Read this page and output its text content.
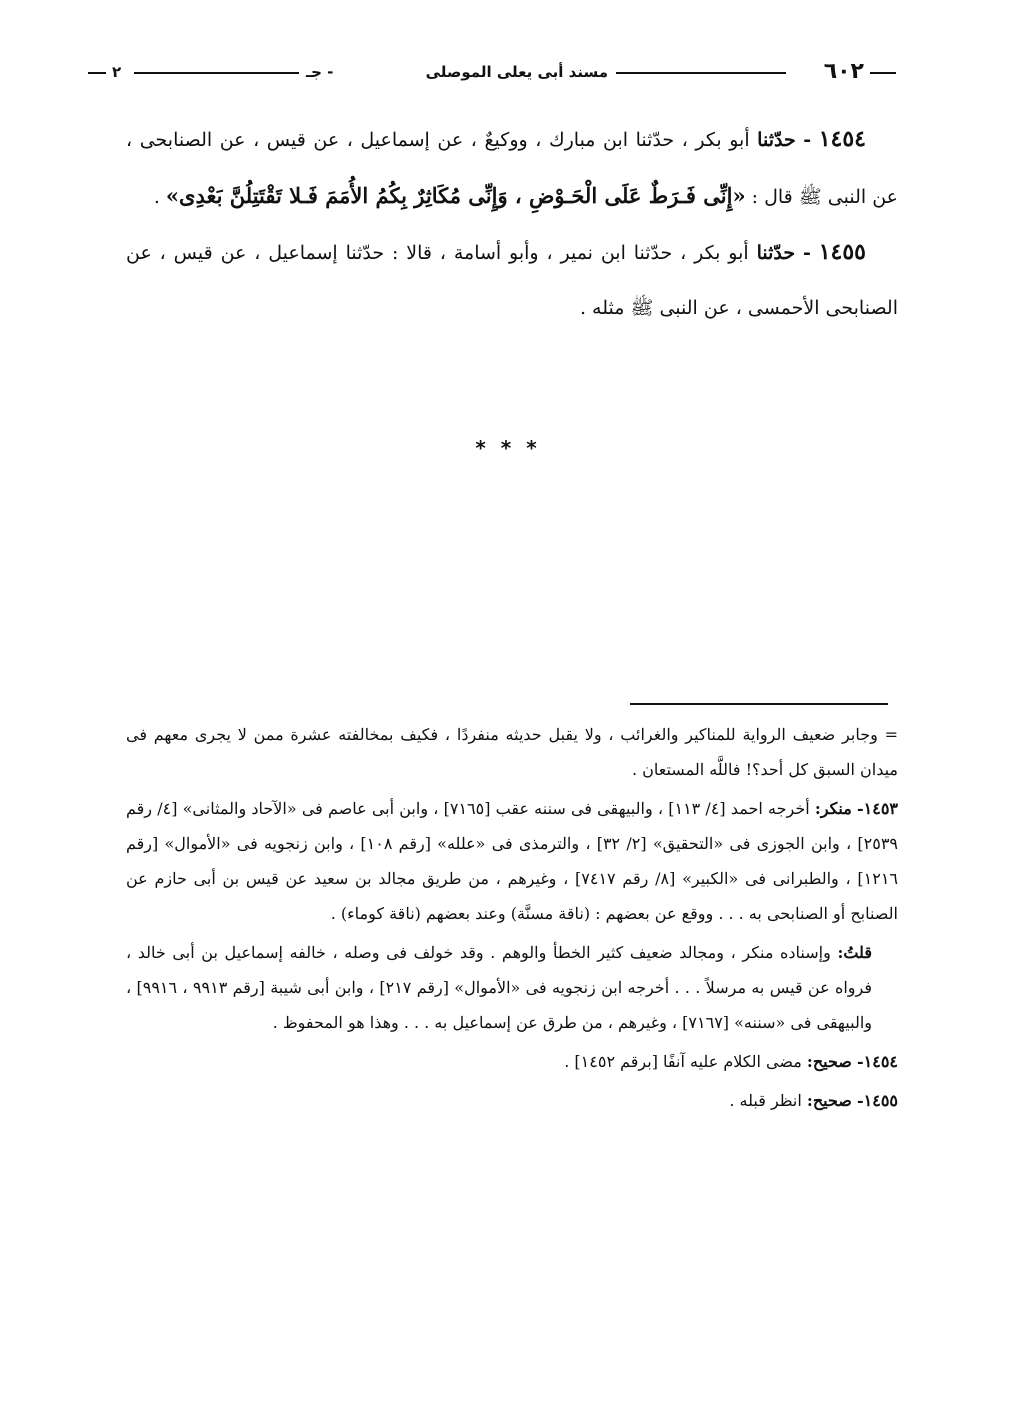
٦٠٢
مسند أبى يعلى الموصلى
- جـ
٢

١٤٥٤ - حدّثنا أبو بكر ، حدّثنا ابن مبارك ، ووكيعٌ ، عن إسماعيل ، عن قيس ، عن الصنابحى ، عن النبى ﷺ قال : «إِنِّى فَـرَطٌ عَلَى الْحَـوْضِ ، وَإِنِّى مُكَاثِرٌ بِكُمُ الأُمَمَ فَـلا تَقْتَتِلُنَّ بَعْدِى» .

١٤٥٥ - حدّثنا أبو بكر ، حدّثنا ابن نمير ، وأبو أسامة ، قالا : حدّثنا إسماعيل ، عن قيس ، عن الصنابحى الأحمسى ، عن النبى ﷺ مثله .

* * *

= وجابر ضعيف الرواية للمناكير والغرائب ، ولا يقبل حديثه منفردًا ، فكيف بمخالفته عشرة ممن لا يجرى معهم فى ميدان السبق كل أحد؟! فاللَّه المستعان .

١٤٥٣- منكر: أخرجه احمد [٤/ ١١٣] ، والبيهقى فى سننه عقب [٧١٦٥] ، وابن أبى عاصم فى «الآحاد والمثانى» [٤/ رقم ٢٥٣٩] ، وابن الجوزى فى «التحقيق» [٢/ ٣٢] ، والترمذى فى «علله» [رقم ١٠٨] ، وابن زنجويه فى «الأموال» [رقم ١٢١٦] ، والطبرانى فى «الكبير» [٨/ رقم ٧٤١٧] ، وغيرهم ، من طريق مجالد بن سعيد عن قيس بن أبى حازم عن الصنابح أو الصنابحى به . . . ووقع عن بعضهم : (ناقة مسنَّة) وعند بعضهم (ناقة كوماء) .

قلتُ: وإسناده منكر ، ومجالد ضعيف كثير الخطأ والوهم . وقد خولف فى وصله ، خالفه إسماعيل بن أبى خالد ، فرواه عن قيس به مرسلاً . . . أخرجه ابن زنجويه فى «الأموال» [رقم ٢١٧] ، وابن أبى شيبة [رقم ٩٩١٣ ، ٩٩١٦] ، والبيهقى فى «سننه» [٧١٦٧] ، وغيرهم ، من طرق عن إسماعيل به . . . وهذا هو المحفوظ .

١٤٥٤- صحيح: مضى الكلام عليه آنفًا [برقم ١٤٥٢] .

١٤٥٥- صحيح: انظر قبله .
